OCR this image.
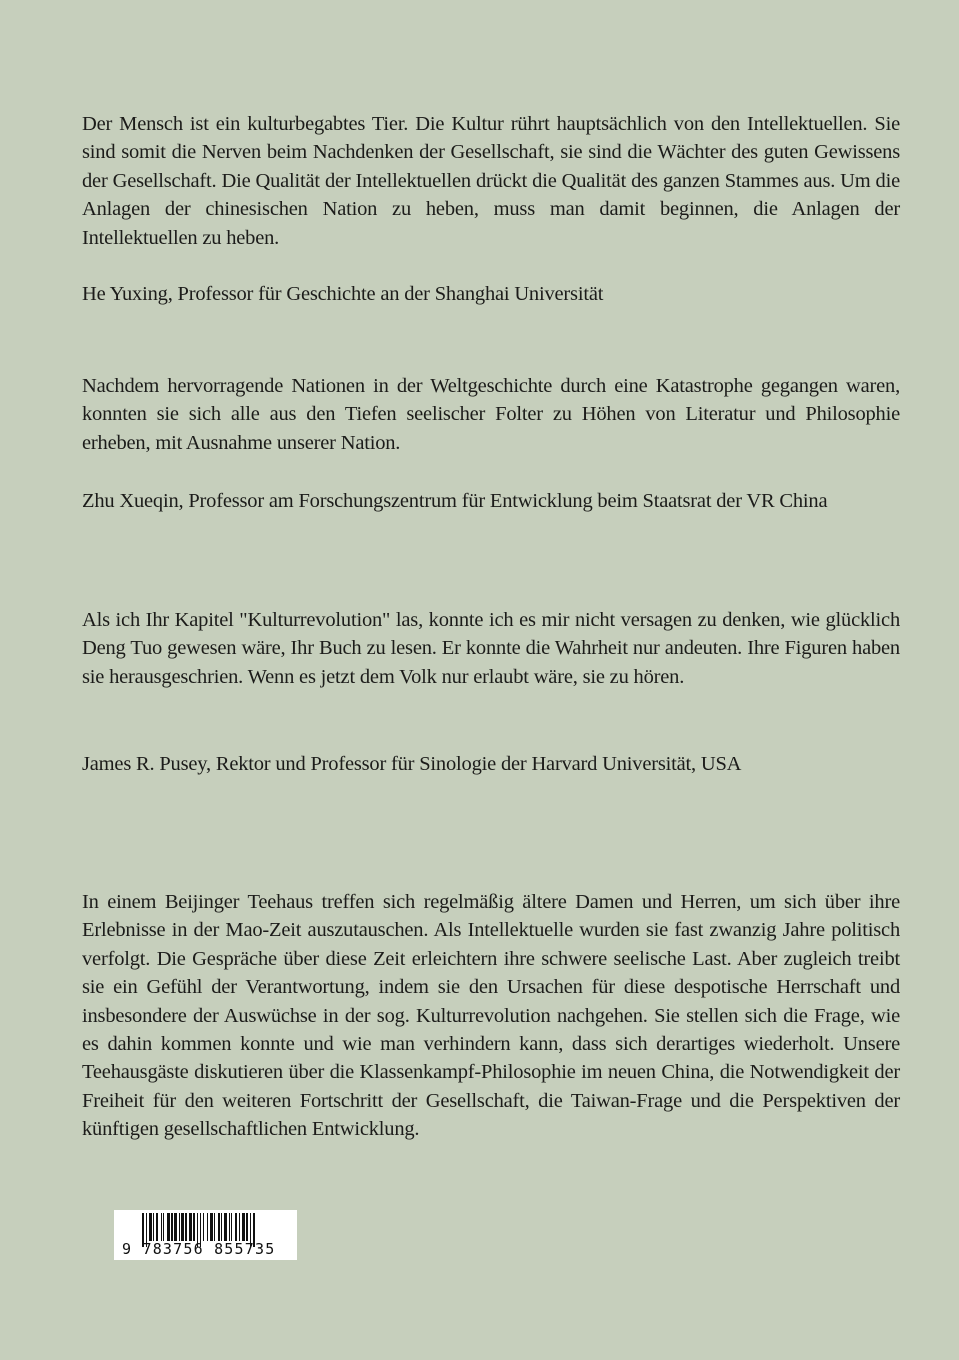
Der Mensch ist ein kulturbegabtes Tier. Die Kultur rührt hauptsächlich von den Intellektuellen. Sie sind somit die Nerven beim Nachdenken der Gesellschaft, sie sind die Wächter des guten Gewissens der Gesellschaft. Die Qualität der Intellektuellen drückt die Qualität des ganzen Stammes aus. Um die Anlagen der chinesischen Nation zu heben, muss man damit beginnen, die Anlagen der Intellektuellen zu heben.

He Yuxing, Professor für Geschichte an der Shanghai Universität

Nachdem hervorragende Nationen in der Weltgeschichte durch eine Katastrophe gegangen waren, konnten sie sich alle aus den Tiefen seelischer Folter zu Höhen von Literatur und Philosophie erheben, mit Ausnahme unserer Nation.

Zhu Xueqin, Professor am Forschungszentrum für Entwicklung beim Staatsrat der VR China

Als ich Ihr Kapitel "Kulturrevolution" las, konnte ich es mir nicht versagen zu denken, wie glücklich Deng Tuo gewesen wäre, Ihr Buch zu lesen. Er konnte die Wahrheit nur andeuten. Ihre Figuren haben sie herausgeschrien. Wenn es jetzt dem Volk nur erlaubt wäre, sie zu hören.

James R. Pusey, Rektor und Professor für Sinologie der Harvard Universität, USA

In einem Beijinger Teehaus treffen sich regelmäßig ältere Damen und Herren, um sich über ihre Erlebnisse in der Mao-Zeit auszutauschen. Als Intellektuelle wurden sie fast zwanzig Jahre politisch verfolgt. Die Gespräche über diese Zeit erleichtern ihre schwere seelische Last. Aber zugleich treibt sie ein Gefühl der Verantwortung, indem sie den Ursachen für diese despotische Herrschaft und insbesondere der Auswüchse in der sog. Kulturrevolution nachgehen. Sie stellen sich die Frage, wie es dahin kommen konnte und wie man verhindern kann, dass sich derartiges wiederholt. Unsere Teehausgäste diskutieren über die Klassenkampf-Philosophie im neuen China, die Notwendigkeit der Freiheit für den weiteren Fortschritt der Gesellschaft, die Taiwan-Frage und die Perspektiven der künftigen gesellschaftlichen Entwicklung.

9 783756 855735
